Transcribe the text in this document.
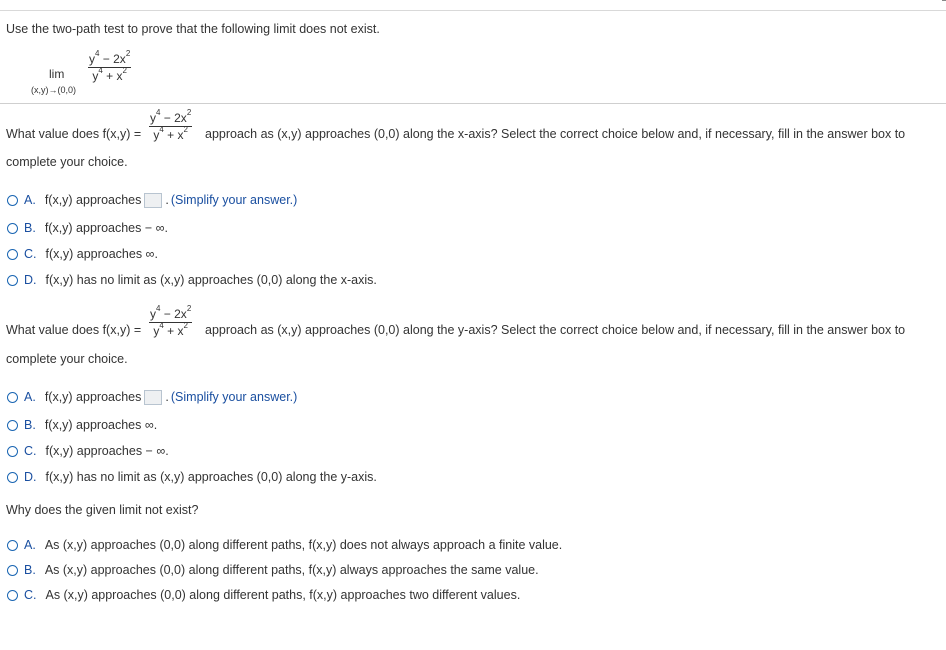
Use the two-path test to prove that the following limit does not exist.
lim
(x,y)→(0,0)
$y^4 - 2x^2$
$y^4 + x^2$
What value does f(x,y) =
$y^4 - 2x^2$
$y^4 + x^2$	approach as (x,y) approaches (0,0) along the x-axis? Select the correct choice below and, if necessary, fill in the answer box to
complete your choice.
A. f(x,y) approaches . (Simplify your answer.)
B. f(x,y) approaches − ∞.
C. f(x,y) approaches ∞.
D. f(x,y) has no limit as (x,y) approaches (0,0) along the x-axis.
What value does f(x,y) =
$y^4 - 2x^2$
$y^4 + x^2$	approach as (x,y) approaches (0,0) along the y-axis? Select the correct choice below and, if necessary, fill in the answer box to
complete your choice.
A. f(x,y) approaches . (Simplify your answer.)
B. f(x,y) approaches ∞.
C. f(x,y) approaches − ∞.
D. f(x,y) has no limit as (x,y) approaches (0,0) along the y-axis.
Why does the given limit not exist?
A. As (x,y) approaches (0,0) along different paths, f(x,y) does not always approach a finite value.
B. As (x,y) approaches (0,0) along different paths, f(x,y) always approaches the same value.
C. As (x,y) approaches (0,0) along different paths, f(x,y) approaches two different values.
